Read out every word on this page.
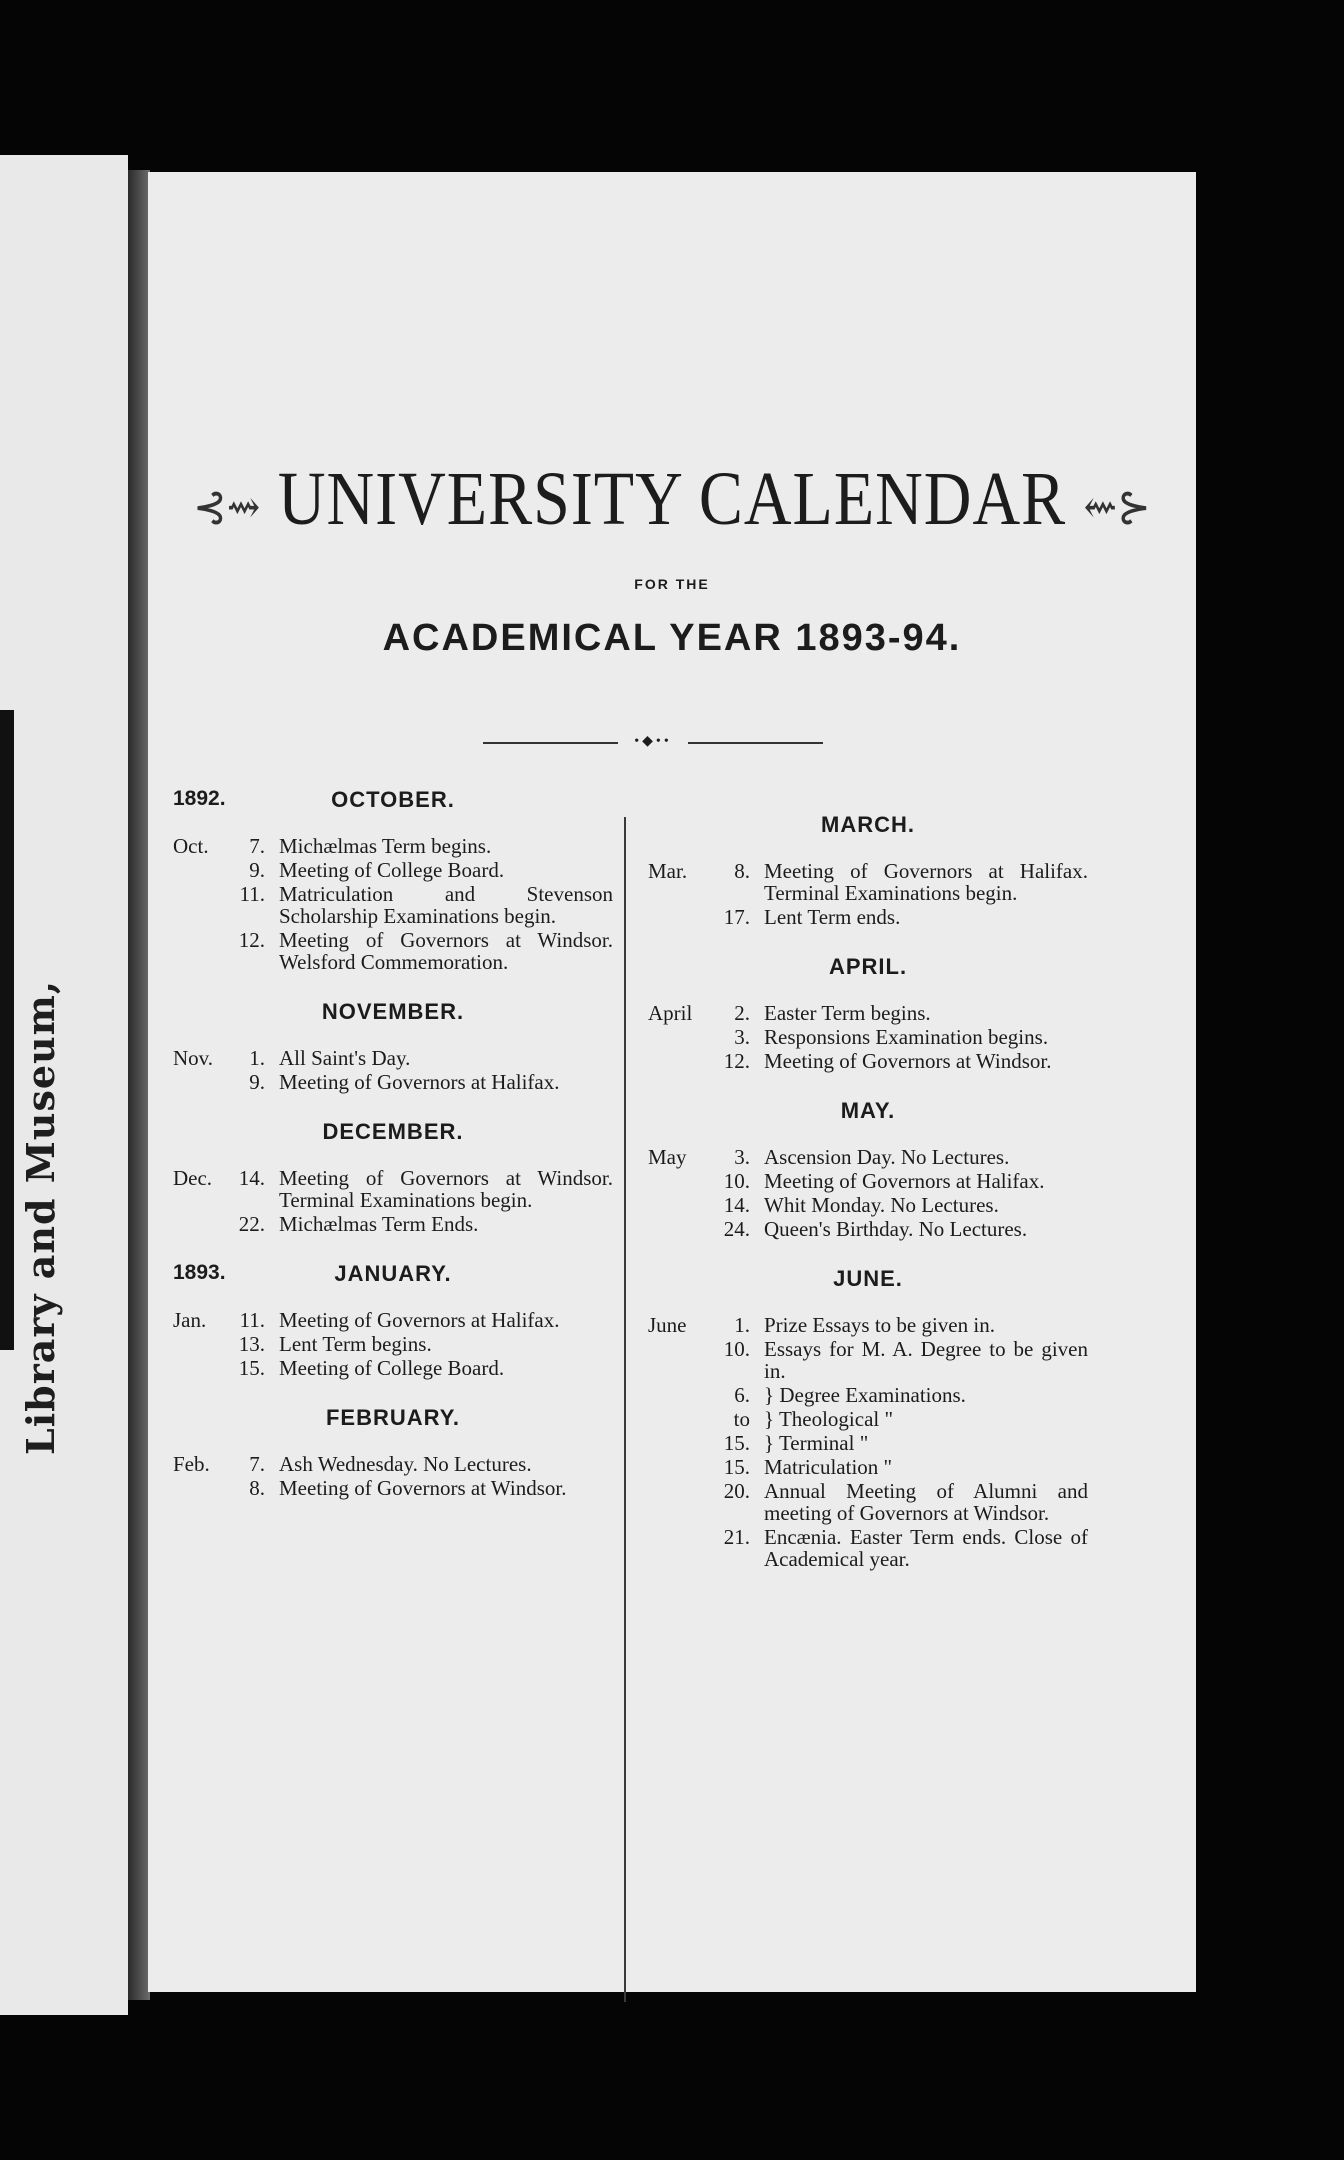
Library and Museum,
⊰⇝ UNIVERSITY CALENDAR ⇜⊱
FOR THE
ACADEMICAL YEAR 1893-94.
•◆••
1892.	OCTOBER.
Oct.	7. Michælmas Term begins.
9. Meeting of College Board.
11. Matriculation and Stevenson Scholarship Examinations begin.
12. Meeting of Governors at Windsor. Welsford Commemoration.
NOVEMBER.
Nov.	1. All Saint's Day.
9. Meeting of Governors at Halifax.
DECEMBER.
Dec.	14. Meeting of Governors at Windsor. Terminal Examinations begin.
22. Michælmas Term Ends.
1893.	JANUARY.
Jan.	11. Meeting of Governors at Halifax.
13. Lent Term begins.
15. Meeting of College Board.
FEBRUARY.
Feb.	7. Ash Wednesday. No Lectures.
8. Meeting of Governors at Windsor.
MARCH.
Mar.	8. Meeting of Governors at Halifax. Terminal Examinations begin.
17. Lent Term ends.
APRIL.
April	2. Easter Term begins.
3. Responsions Examination begins.
12. Meeting of Governors at Windsor.
MAY.
May	3. Ascension Day. No Lectures.
10. Meeting of Governors at Halifax.
14. Whit Monday. No Lectures.
24. Queen's Birthday. No Lectures.
JUNE.
June	1. Prize Essays to be given in.
10. Essays for M. A. Degree to be given in.
6. } Degree Examinations.
to } Theological "
15. } Terminal "
15. Matriculation "
20. Annual Meeting of Alumni and meeting of Governors at Windsor.
21. Encænia. Easter Term ends. Close of Academical year.
